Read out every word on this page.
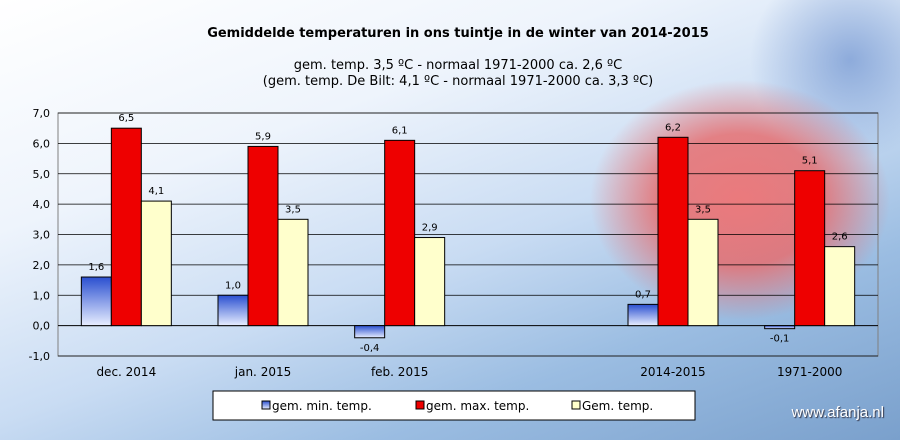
Gemiddelde temperaturen in ons tuintje in de winter van 2014-2015
gem. temp. 3,5 ºC - normaal 1971-2000 ca. 2,6 ºC
(gem. temp. De Bilt: 4,1 ºC - normaal 1971-2000 ca. 3,3 ºC)
-1,0
0,0
1,0
2,0
3,0
4,0
5,0
6,0
7,0
dec. 2014
1,6
6,5
4,1
jan. 2015
1,0
5,9
3,5
feb. 2015
-0,4
6,1
2,9
2014-2015
0,7
6,2
3,5
1971-2000
-0,1
5,1
2,6
gem. min. temp.	gem. max. temp.	Gem. temp.	www.afanja.nl
